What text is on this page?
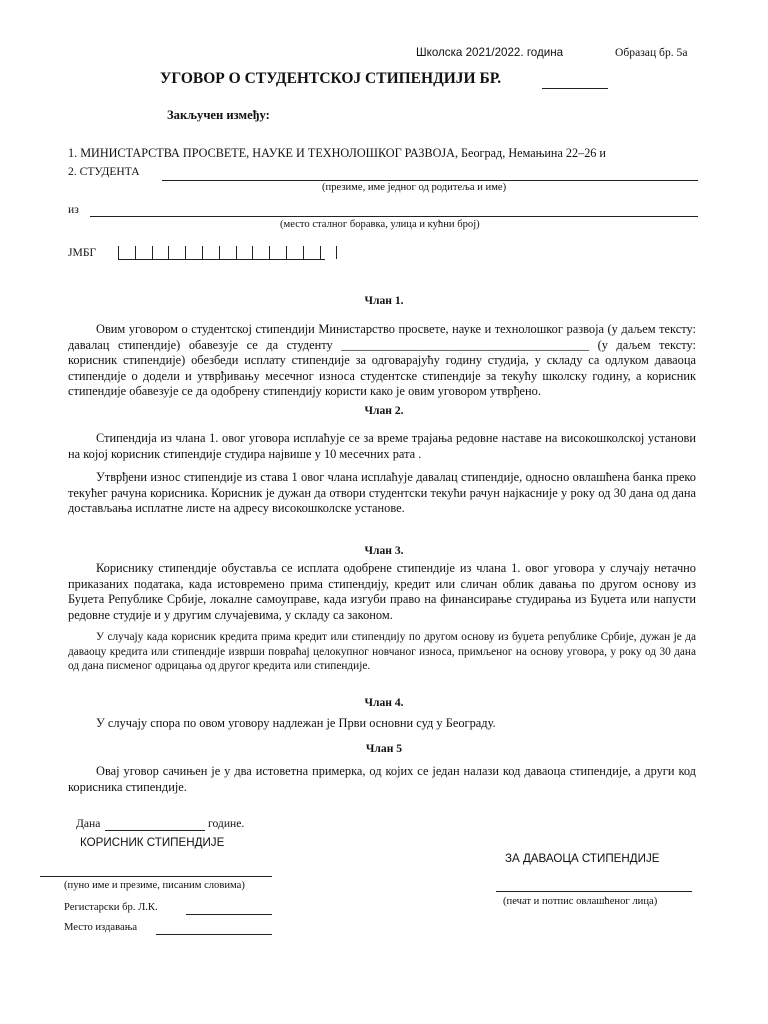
Школска 2021/2022. година	Образац бр. 5а
УГОВОР О СТУДЕНТСКОЈ СТИПЕНДИЈИ БР.
Закључен између:
1. МИНИСТАРСТВА ПРОСВЕТЕ, НАУКЕ И ТЕХНОЛОШКОГ РАЗВОЈА, Београд, Немањина 22–26 и
2. СТУДЕНТА
(презиме, име једног од родитеља и име)
из
(место сталног боравка, улица и кућни број)
ЈМБГ
Члан 1.
Овим уговором о студентској стипендији Министарство просвете, науке и технолошког развоја (у даљем тексту: давалац стипендије) обавезује се да студенту ________________________________________ (у даљем тексту: корисник стипендије) обезбеди исплату стипендије за одговарајућу годину студија, у складу са одлуком даваоца стипендије о додели и утврђивању месечног износа студентске стипендије за текућу школску годину, а корисник стипендије обавезује се да одобрену стипендију користи како је овим уговором утврђено.
Члан 2.
Стипендија из члана 1. овог уговора исплаћује се за време трајања редовне наставе на високошколској установи на којој корисник стипендије студира највише у 10 месечних рата .
Утврђени износ стипендије из става 1 овог члана исплаћује давалац стипендије, односно овлашћена банка преко текућег рачуна корисника. Корисник је дужан да отвори студентски текући рачун најкасније у року од 30 дана од дана достављања исплатне листе на адресу високошколске установе.
Члан 3.
Кориснику стипендије обуставља се исплата одобрене стипендије из члана 1. овог уговора у случају нетачно приказаних података, када истовремено прима стипендију, кредит или сличан облик давања по другом основу из Буџета Републике Србије, локалне самоуправе, када изгуби право на финансирање студирања из Буџета или напусти редовне студије и у другим случајевима, у складу са законом.
У случају када корисник кредита прима кредит или стипендију по другом основу из буџета републике Србије, дужан је да даваоцу кредита или стипендије изврши повраћај целокупног новчаног износа, примљеног на основу уговора, у року од 30 дана од дана писменог одрицања од другог кредита или стипендије.
Члан 4.
У случају спора по овом уговору надлежан је Први основни суд у Београду.
Члан 5
Овај уговор сачињен је у два истоветна примерка, од којих се један налази код даваоца стипендије, а други код корисника стипендије.
Дана	године.
КОРИСНИК СТИПЕНДИЈЕ
ЗА ДАВАОЦА СТИПЕНДИЈЕ
(пуно име и презиме, писаним словима)
(печат и потпис овлашћеног лица)
Регистарски бр. Л.К.
Место издавања
